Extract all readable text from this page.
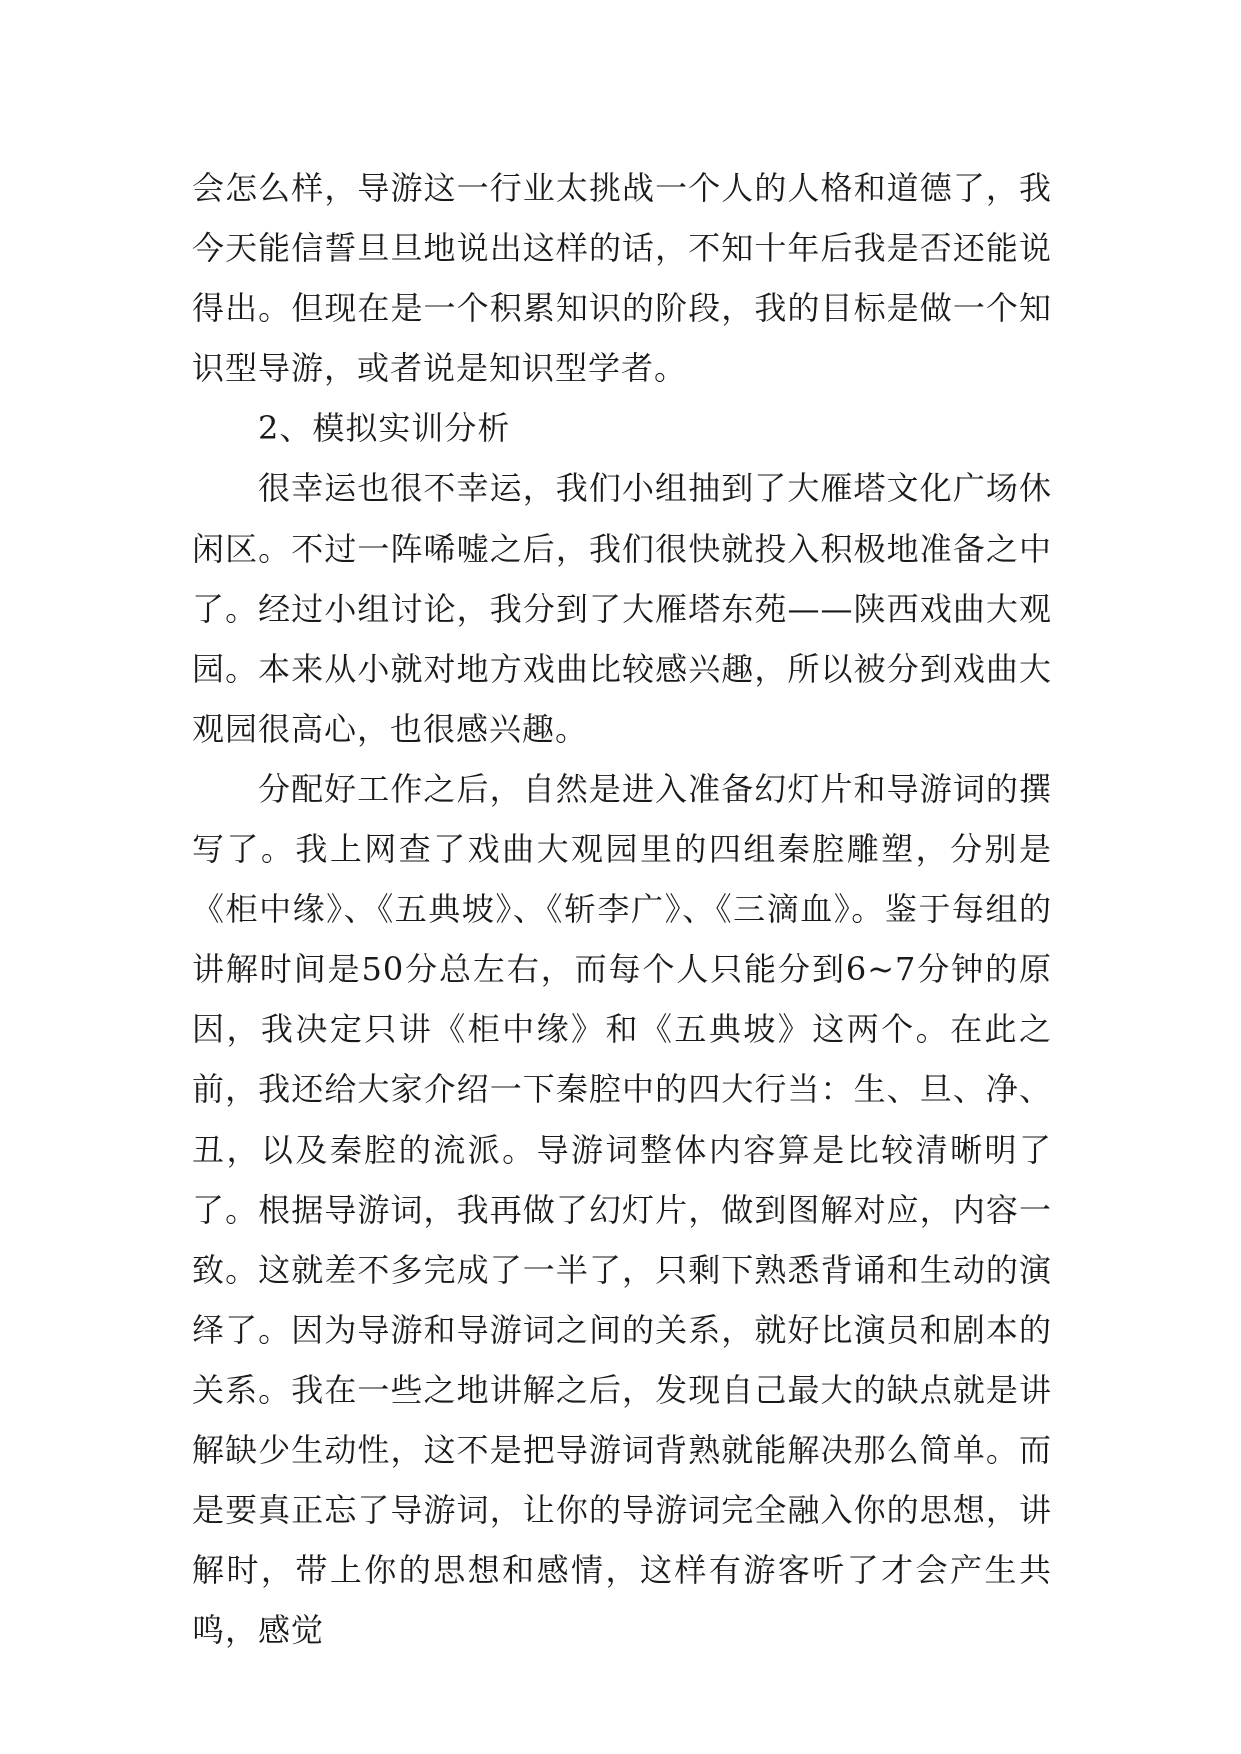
会怎么样，导游这一行业太挑战一个人的人格和道德了，我今天能信誓旦旦地说出这样的话，不知十年后我是否还能说得出。但现在是一个积累知识的阶段，我的目标是做一个知识型导游，或者说是知识型学者。

2、模拟实训分析

很幸运也很不幸运，我们小组抽到了大雁塔文化广场休闲区。不过一阵唏嘘之后，我们很快就投入积极地准备之中了。经过小组讨论，我分到了大雁塔东苑——陕西戏曲大观园。本来从小就对地方戏曲比较感兴趣，所以被分到戏曲大观园很高心，也很感兴趣。

分配好工作之后，自然是进入准备幻灯片和导游词的撰写了。我上网查了戏曲大观园里的四组秦腔雕塑，分别是《柜中缘》、《五典坡》、《斩李广》、《三滴血》。鉴于每组的讲解时间是50分总左右，而每个人只能分到6~7分钟的原因，我决定只讲《柜中缘》和《五典坡》这两个。在此之前，我还给大家介绍一下秦腔中的四大行当：生、旦、净、丑，以及秦腔的流派。导游词整体内容算是比较清晰明了了。根据导游词，我再做了幻灯片，做到图解对应，内容一致。这就差不多完成了一半了，只剩下熟悉背诵和生动的演绎了。因为导游和导游词之间的关系，就好比演员和剧本的关系。我在一些之地讲解之后，发现自己最大的缺点就是讲解缺少生动性，这不是把导游词背熟就能解决那么简单。而是要真正忘了导游词，让你的导游词完全融入你的思想，讲解时，带上你的思想和感情，这样有游客听了才会产生共鸣，感觉
